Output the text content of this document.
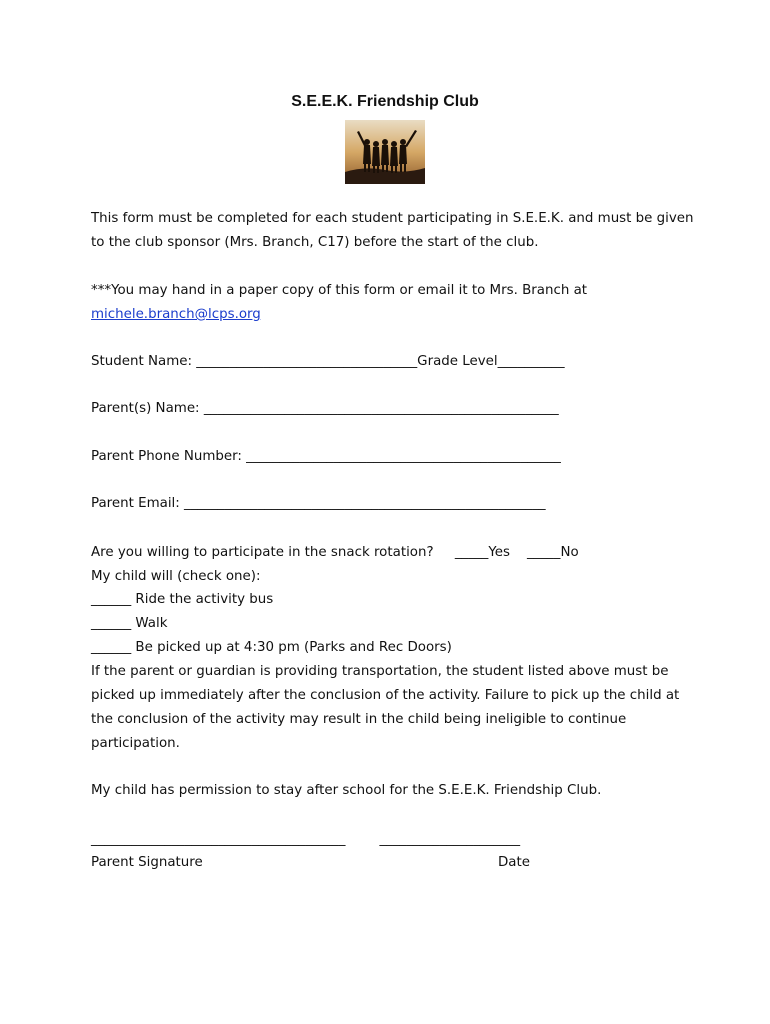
S.E.E.K. Friendship Club
This form must be completed for each student participating in S.E.E.K. and must be given
to the club sponsor (Mrs. Branch, C17) before the start of the club.
***You may hand in a paper copy of this form or email it to Mrs. Branch at
michele.branch@lcps.org
Student Name: _________________________________Grade Level__________
Parent(s) Name: _____________________________________________________
Parent Phone Number: _______________________________________________
Parent Email: ______________________________________________________
Are you willing to participate in the snack rotation?     _____Yes    _____No
My child will (check one):
______ Ride the activity bus
______ Walk
______ Be picked up at 4:30 pm (Parks and Rec Doors)
If the parent or guardian is providing transportation, the student listed above must be
picked up immediately after the conclusion of the activity. Failure to pick up the child at
the conclusion of the activity may result in the child being ineligible to continue
participation.
My child has permission to stay after school for the S.E.E.K. Friendship Club.
______________________________________        _____________________
Parent Signature	Date
